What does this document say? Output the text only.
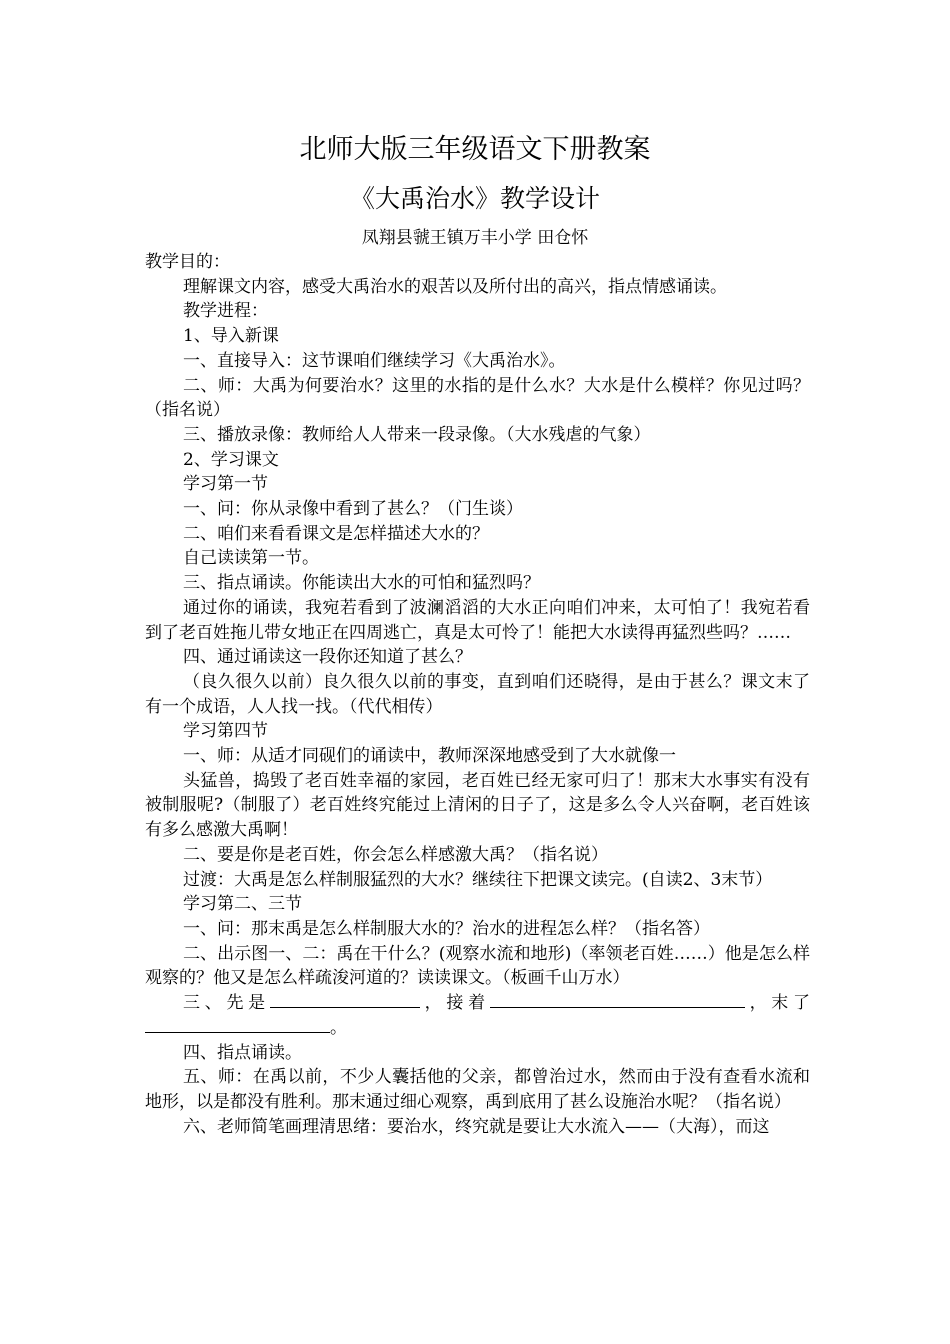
北师大版三年级语文下册教案
《大禹治水》教学设计
凤翔县虢王镇万丰小学 田仓怀

教学目的：

理解课文内容，感受大禹治水的艰苦以及所付出的高兴，指点情感诵读。

教学进程：

1、导入新课

一、直接导入：这节课咱们继续学习《大禹治水》。

二、师：大禹为何要治水？这里的水指的是什么水？大水是什么模样？你见过吗？（指名说）

三、播放录像：教师给人人带来一段录像。（大水残虐的气象）

2、学习课文

学习第一节

一、问：你从录像中看到了甚么？（门生谈）

二、咱们来看看课文是怎样描述大水的？

自己读读第一节。

三、指点诵读。你能读出大水的可怕和猛烈吗？

通过你的诵读，我宛若看到了波澜滔滔的大水正向咱们冲来，太可怕了！我宛若看到了老百姓拖儿带女地正在四周逃亡，真是太可怜了！能把大水读得再猛烈些吗？……

四、通过诵读这一段你还知道了甚么？

（良久很久以前）良久很久以前的事变，直到咱们还晓得，是由于甚么？课文末了有一个成语，人人找一找。（代代相传）

学习第四节

一、师：从适才同砚们的诵读中，教师深深地感受到了大水就像一

头猛兽，捣毁了老百姓幸福的家园，老百姓已经无家可归了！那末大水事实有没有被制服呢?（制服了）老百姓终究能过上清闲的日子了，这是多么令人兴奋啊，老百姓该有多么感激大禹啊！

二、要是你是老百姓，你会怎么样感激大禹？（指名说）

过渡：大禹是怎么样制服猛烈的大水？继续往下把课文读完。(自读2、3末节）

学习第二、三节

一、问：那末禹是怎么样制服大水的？治水的进程怎么样？（指名答）

二、出示图一、二：禹在干什么？(观察水流和地形)（率领老百姓……）他是怎么样观察的？他又是怎么样疏浚河道的？读读课文。（板画千山万水）

三、先是	，接着	，末了。

四、指点诵读。

五、师：在禹以前，不少人囊括他的父亲，都曾治过水，然而由于没有查看水流和地形，以是都没有胜利。那末通过细心观察，禹到底用了甚么设施治水呢？（指名说）

六、老师简笔画理清思绪：要治水，终究就是要让大水流入——（大海），而这
